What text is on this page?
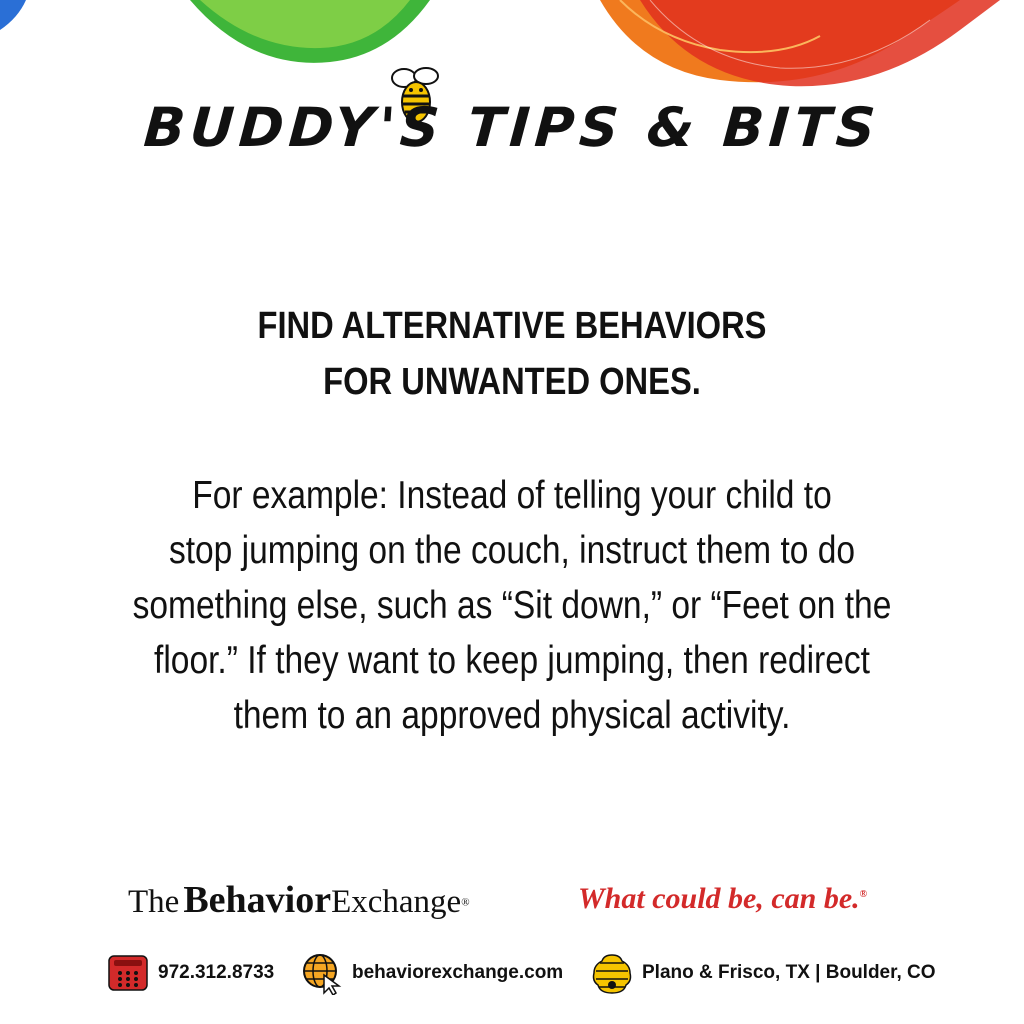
BUDDY'S TIPS & BITS
FIND ALTERNATIVE BEHAVIORS
FOR UNWANTED ONES.
For example: Instead of telling your child to
stop jumping on the couch, instruct them to do
something else, such as “Sit down,” or “Feet on the
floor.” If they want to keep jumping, then redirect
them to an approved physical activity.
The BehaviorExchange®	What could be, can be.®
972.312.8733	behaviorexchange.com	Plano & Frisco, TX | Boulder, CO
